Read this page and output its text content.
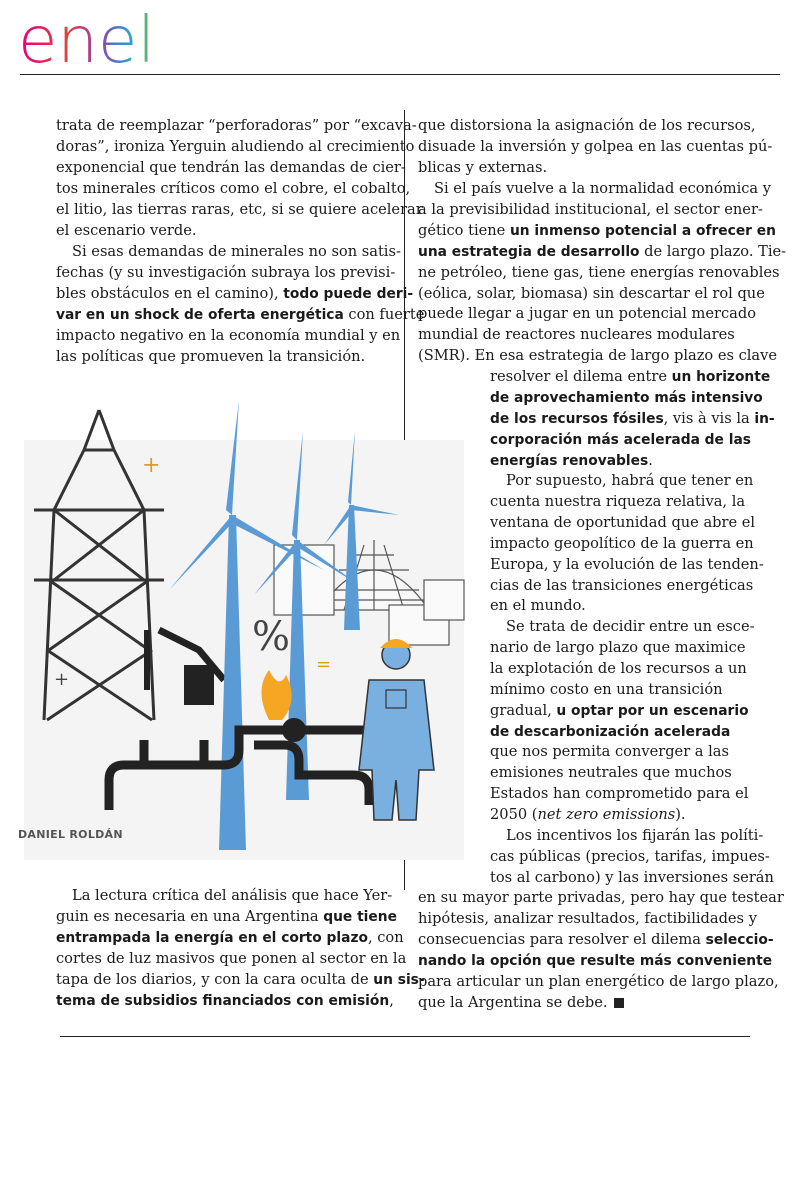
enel
trata de reemplazar “perforadoras” por “excava-
doras”, ironiza Yerguin aludiendo al crecimiento
exponencial que tendrán las demandas de cier-
tos minerales críticos como el cobre, el cobalto,
el litio, las tierras raras, etc, si se quiere acelerar
el escenario verde.
Si esas demandas de minerales no son satis-
fechas (y su investigación subraya los previsi-
bles obstáculos en el camino), todo puede deri-
var en un shock de oferta energética con fuerte
impacto negativo en la economía mundial y en
las políticas que promueven la transición.
+
%
=
+
DANIEL ROLDÁN
La lectura crítica del análisis que hace Yer-
guin es necesaria en una Argentina que tiene
entrampada la energía en el corto plazo, con
cortes de luz masivos que ponen al sector en la
tapa de los diarios, y con la cara oculta de un sis-
tema de subsidios financiados con emisión,
que distorsiona la asignación de los recursos,
disuade la inversión y golpea en las cuentas pú-
blicas y externas.
Si el país vuelve a la normalidad económica y
a la previsibilidad institucional, el sector ener-
gético tiene un inmenso potencial a ofrecer en
una estrategia de desarrollo de largo plazo. Tie-
ne petróleo, tiene gas, tiene energías renovables
(eólica, solar, biomasa) sin descartar el rol que
puede llegar a jugar en un potencial mercado
mundial de reactores nucleares modulares
(SMR). En esa estrategia de largo plazo es clave
resolver el dilema entre un horizonte
de aprovechamiento más intensivo
de los recursos fósiles, vis à vis la in-
corporación más acelerada de las
energías renovables.
Por supuesto, habrá que tener en
cuenta nuestra riqueza relativa, la
ventana de oportunidad que abre el
impacto geopolítico de la guerra en
Europa, y la evolución de las tenden-
cias de las transiciones energéticas
en el mundo.
Se trata de decidir entre un esce-
nario de largo plazo que maximice
la explotación de los recursos a un
mínimo costo en una transición
gradual, u optar por un escenario
de descarbonización acelerada
que nos permita converger a las
emisiones neutrales que muchos
Estados han comprometido para el
2050 (net zero emissions).
Los incentivos los fijarán las políti-
cas públicas (precios, tarifas, impues-
tos al carbono) y las inversiones serán
en su mayor parte privadas, pero hay que testear
hipótesis, analizar resultados, factibilidades y
consecuencias para resolver el dilema seleccio-
nando la opción que resulte más conveniente
para articular un plan energético de largo plazo,
que la Argentina se debe.
